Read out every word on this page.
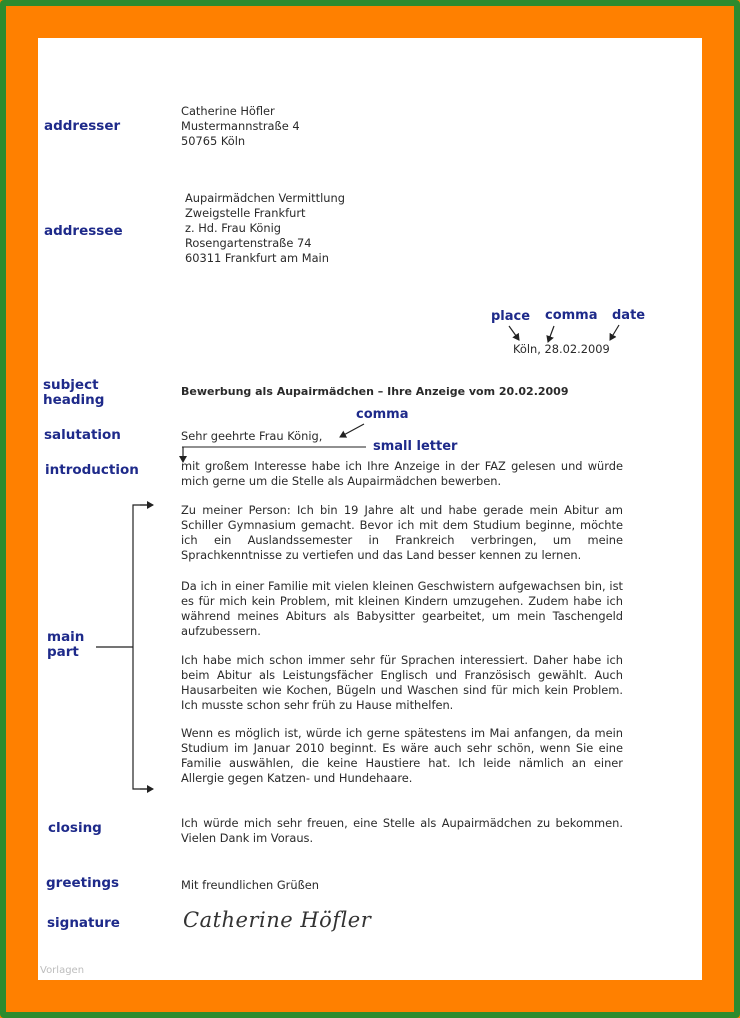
addresser
addressee
subject
heading
salutation
introduction
main
part
closing
greetings
signature
Catherine Höfler
Mustermannstraße 4
50765 Köln
Aupairmädchen Vermittlung
Zweigstelle Frankfurt
z. Hd. Frau König
Rosengartenstraße 74
60311 Frankfurt am Main
place comma date
Köln, 28.02.2009
Bewerbung als Aupairmädchen – Ihre Anzeige vom 20.02.2009
comma
Sehr geehrte Frau König,
small letter
mit großem Interesse habe ich Ihre Anzeige in der FAZ gelesen und würde mich gerne um die Stelle als Aupairmädchen bewerben.
Zu meiner Person: Ich bin 19 Jahre alt und habe gerade mein Abitur am Schiller Gymnasium gemacht. Bevor ich mit dem Studium beginne, möchte ich ein Auslandssemester in Frankreich verbringen, um meine Sprachkenntnisse zu vertiefen und das Land besser kennen zu lernen.
Da ich in einer Familie mit vielen kleinen Geschwistern aufgewachsen bin, ist es für mich kein Problem, mit kleinen Kindern umzugehen. Zudem habe ich während meines Abiturs als Babysitter gearbeitet, um mein Taschengeld aufzubessern.
Ich habe mich schon immer sehr für Sprachen interessiert. Daher habe ich beim Abitur als Leistungsfächer Englisch und Französisch gewählt. Auch Hausarbeiten wie Kochen, Bügeln und Waschen sind für mich kein Problem. Ich musste schon sehr früh zu Hause mithelfen.
Wenn es möglich ist, würde ich gerne spätestens im Mai anfangen, da mein Studium im Januar 2010 beginnt. Es wäre auch sehr schön, wenn Sie eine Familie auswählen, die keine Haustiere hat. Ich leide nämlich an einer Allergie gegen Katzen- und Hundehaare.
Ich würde mich sehr freuen, eine Stelle als Aupairmädchen zu bekommen. Vielen Dank im Voraus.
Mit freundlichen Grüßen
Catherine Höfler
Vorlagen
